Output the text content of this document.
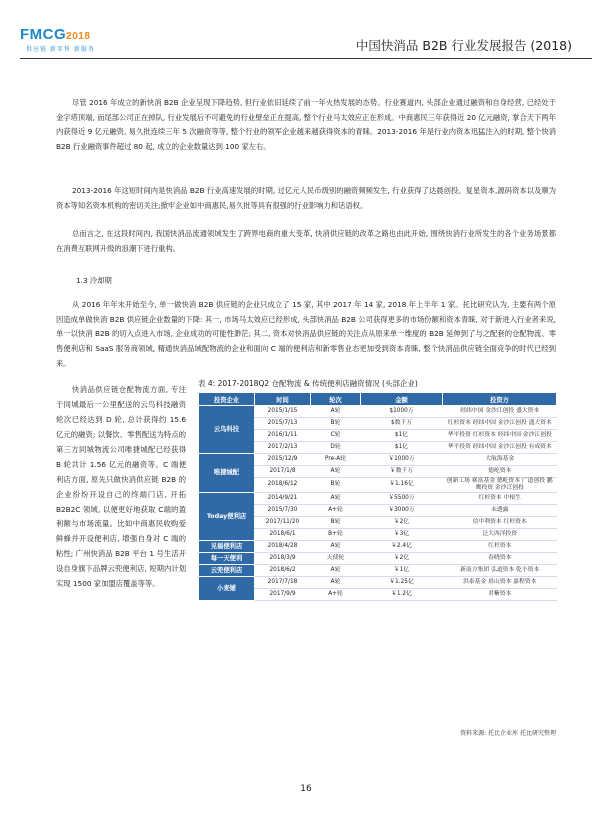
FMCG2018
供应链 新零售 新服务	中国快消品 B2B 行业发展报告 (2018)

尽管 2016 年成立的新快消 B2B 企业呈现下降趋势, 但行业依旧延续了前一年火热发展的态势。行业赛道内, 头部企业通过融资和自身经营, 已经处于金字塔顶端, 而尾部公司正在掉队, 行业发展后不可避免的行业壁垒正在提高, 整个行业马太效应正在形成。中商惠民三年获得近 20 亿元融资, 掌合天下两年内获得近 9 亿元融资, 易久批连续三年 5 次融资等等, 整个行业的领军企业越来越获得资本的青睐。2013-2016 年是行业内资本迅猛注入的时期, 整个快消 B2B 行业融资事件超过 80 起, 成立的企业数量达到 100 家左右。

2013-2016 年这短时间内是快消品 B2B 行业高速发展的时期, 过亿元人民币级别的融资频频发生, 行业获得了达晨创投、复星资本,源码资本以及顺为资本等知名资本机构的密切关注;掀牢企业如中商惠民,易久批等具有很强的行业影响力和话语权。

总而言之, 在这段时间内, 我国快消品流通领域发生了跨界电商的重大变革, 快消供应链的改革之路也由此开始, 围绕快消行业所发生的各个业务场景都在消费互联网升级的浪潮下进行重构。

1.3 冷却期

从 2016 年年末开始至今, 单一做快消 B2B 供应链的企业只成立了 15 家, 其中 2017 年 14 家, 2018 年上半年 1 家。托比研究认为, 主要有两个原因造成单做快消 B2B 供应链企业数量的下降: 其一, 市场马太效应已经形成, 头部快消品 B2B 公司获得更多的市场份额和资本青睐, 对于新进入行业者来说, 单一以快消 B2B 的切入点进入市场, 企业成功的可能性渺茫; 其二, 资本对快消品供应链的关注点从原来单一维度的 B2B 延伸到了与之配套的仓配物流、零售便利店和 SaaS 服务商领域, 精通快消品域配物流的企业和面向 C 端的便利店和新零售业态更加受到资本青睐, 整个快消品供应链全面竞争的时代已经到来。

快消品供应链仓配物流方面, 专注于同城最后一公里配送的云鸟科技融资轮次已经达到 D 轮, 总计获得约 15.6 亿元的融资; 以餐饮、零售配送为特点的第三方同城物流公司唯捷城配已经获得 B 轮共计 1.56 亿元的融资等。C 端便利店方面, 原先只做快消供应链 B2B 的企业纷纷开设自己的终端门店, 开拓 B2B2C 领域, 以便更好地获取 C端的盈利额与市场流量。比如中商惠民收购爱鲜蜂并开设便利店, 增强自身对 C 端的粘性; 广州快消品 B2B 平台 1 号生活开设自身旗下品牌云兜便利店, 短期内计划实现 1500 家加盟店覆盖等等。

表 4: 2017-2018Q2 仓配物流 & 传统便利店融资情况 (头部企业)
投资企业	时间	轮次	金额	投资方
云鸟科技	2015/1/15	A轮	$1000万	经纬中国 金沙江创投 盛大资本
	2015/7/13	B轮	$数千万	红杉资本 经纬中国 金沙江创投 盛大资本
	2016/1/11	C轮	$1亿	华平投资 红杉资本 经纬中国 金沙江创投
	2017/2/13	D轮	$1亿	华平投资 经纬中国 金沙江创投 有成资本
唯捷城配	2015/12/9	Pre-A轮	￥1000万	大航海基金
	2017/1/8	A轮	￥数千万	德屹资本
	2018/6/12	B轮	￥1.16亿	创新工场 赛富基金 德屹资本 广道创投 鹏鹰投资 金沙江创投
Today便利店	2014/9/21	A轮	￥5500万	红杉资本 中根生
	2015/7/30	A+轮	￥3000万	未透露
	2017/11/20	B轮	￥2亿	信中利资本 红杉资本
	2018/6/1	B+轮	￥3亿	泛大西洋投资
见福便利店	2018/4/28	A轮	￥2.4亿	红杉资本
每一天便利	2018/3/9	天使轮	￥2亿	春晓资本
云兜便利店	2018/6/2	A轮	￥1亿	新南方集团 弘道资本 乾丰资本
小麦铺	2017/7/18	A轮	￥1.25亿	洪泰基金 晨山资本 嘉程资本
	2017/9/9	A+轮	￥1.2亿	君紫资本
资料来源: 托比企业库 托比研究整理
16
